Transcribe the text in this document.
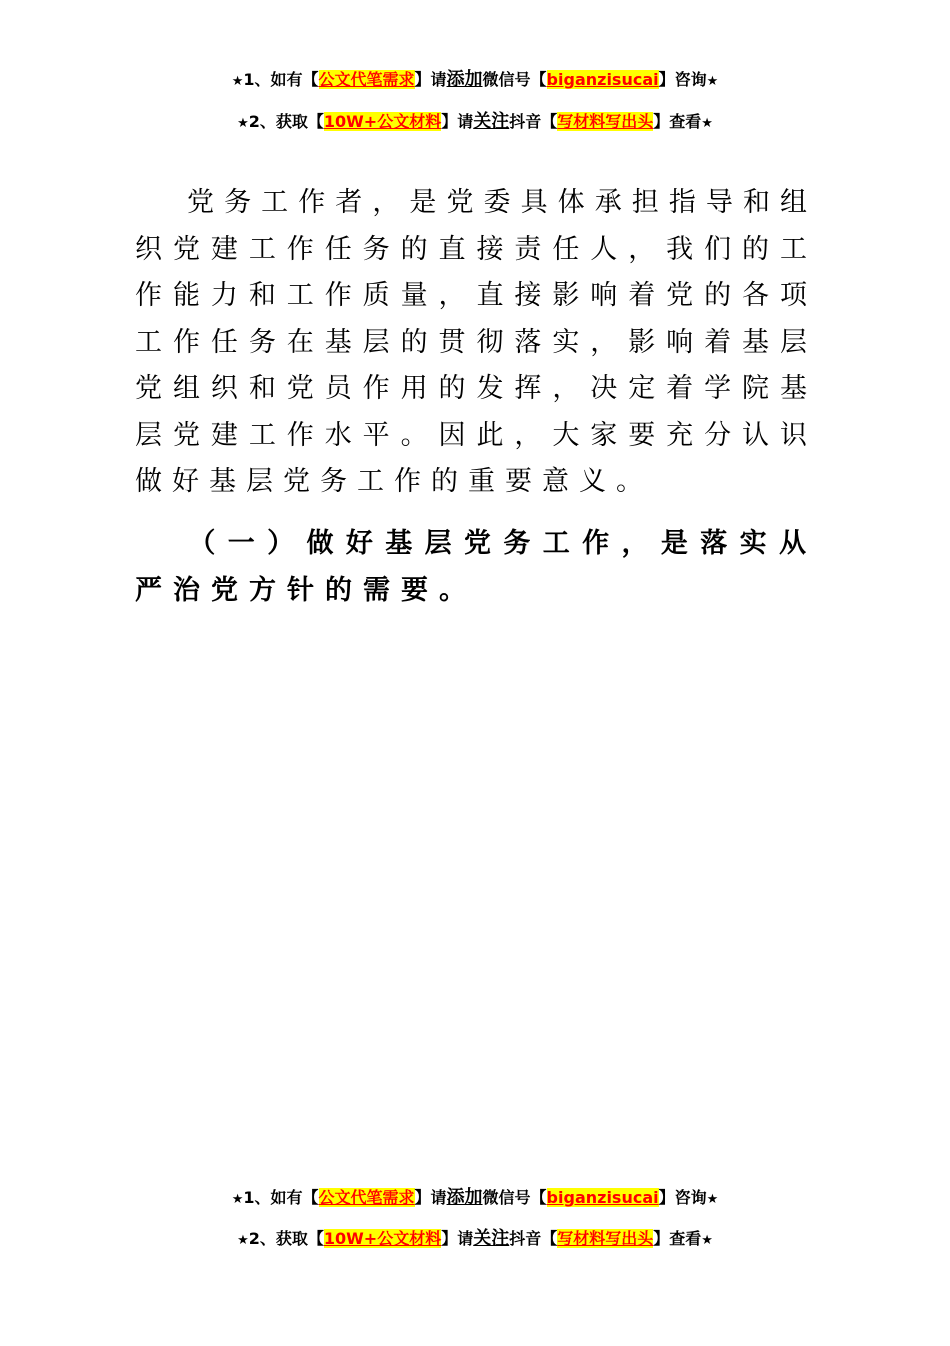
★1、如有【公文代笔需求】请添加微信号【biganzisucai】咨询★
★2、获取【10W+公文材料】请关注抖音【写材料写出头】查看★

党务工作者，是党委具体承担指导和组织党建工作任务的直接责任人，我们的工作能力和工作质量，直接影响着党的各项工作任务在基层的贯彻落实，影响着基层党组织和党员作用的发挥，决定着学院基层党建工作水平。因此，大家要充分认识做好基层党务工作的重要意义。

（一）做好基层党务工作，是落实从严治党方针的需要。

★1、如有【公文代笔需求】请添加微信号【biganzisucai】咨询★
★2、获取【10W+公文材料】请关注抖音【写材料写出头】查看★
